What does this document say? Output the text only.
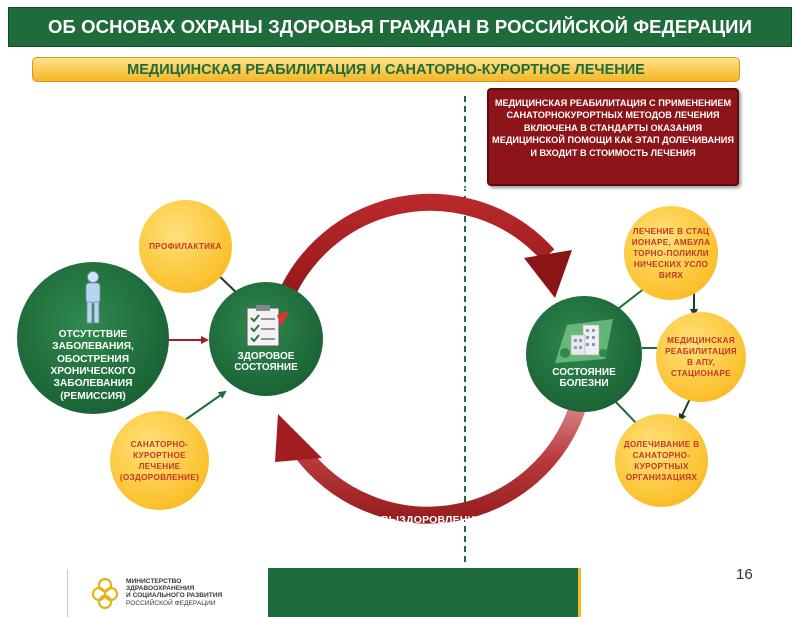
ОБ ОСНОВАХ ОХРАНЫ ЗДОРОВЬЯ ГРАЖДАН В РОССИЙСКОЙ ФЕДЕРАЦИИ
МЕДИЦИНСКАЯ РЕАБИЛИТАЦИЯ И САНАТОРНО-КУРОРТНОЕ ЛЕЧЕНИЕ
МЕДИЦИНСКАЯ РЕАБИЛИТАЦИЯ С ПРИМЕНЕНИЕМ САНАТОРНОКУРОРТНЫХ МЕТОДОВ ЛЕЧЕНИЯ ВКЛЮЧЕНА В СТАНДАРТЫ ОКАЗАНИЯ МЕДИЦИНСКОЙ ПОМОЩИ КАК ЭТАП ДОЛЕЧИВАНИЯ И ВХОДИТ В СТОИМОСТЬ ЛЕЧЕНИЯ
ЗАБОЛЕВАНИЕ
ВЫЗДОРОВЛЕНИЕ
ОТСУТСТВИЕ ЗАБОЛЕВАНИЯ, ОБОСТРЕНИЯ ХРОНИЧЕСКОГО ЗАБОЛЕВАНИЯ (РЕМИССИЯ)
ЗДОРОВОЕ СОСТОЯНИЕ	СОСТОЯНИЕ БОЛЕЗНИ
ПРОФИЛАКТИКА
САНАТОРНО-КУРОРТНОЕ ЛЕЧЕНИЕ (ОЗДОРОВЛЕНИЕ)
ЛЕЧЕНИЕ В СТАЦИОНАРЕ, АМБУЛАТОРНО-ПОЛИКЛИНИЧЕСКИХ УСЛОВИЯХ
МЕДИЦИНСКАЯ РЕАБИЛИТАЦИЯ В АПУ, СТАЦИОНАРЕ
ДОЛЕЧИВАНИЕ В САНАТОРНО-КУРОРТНЫХ ОРГАНИЗАЦИЯХ
МИНИСТЕРСТВО
ЗДРАВООХРАНЕНИЯ
И СОЦИАЛЬНОГО РАЗВИТИЯ
РОССИЙСКОЙ ФЕДЕРАЦИИ
16
